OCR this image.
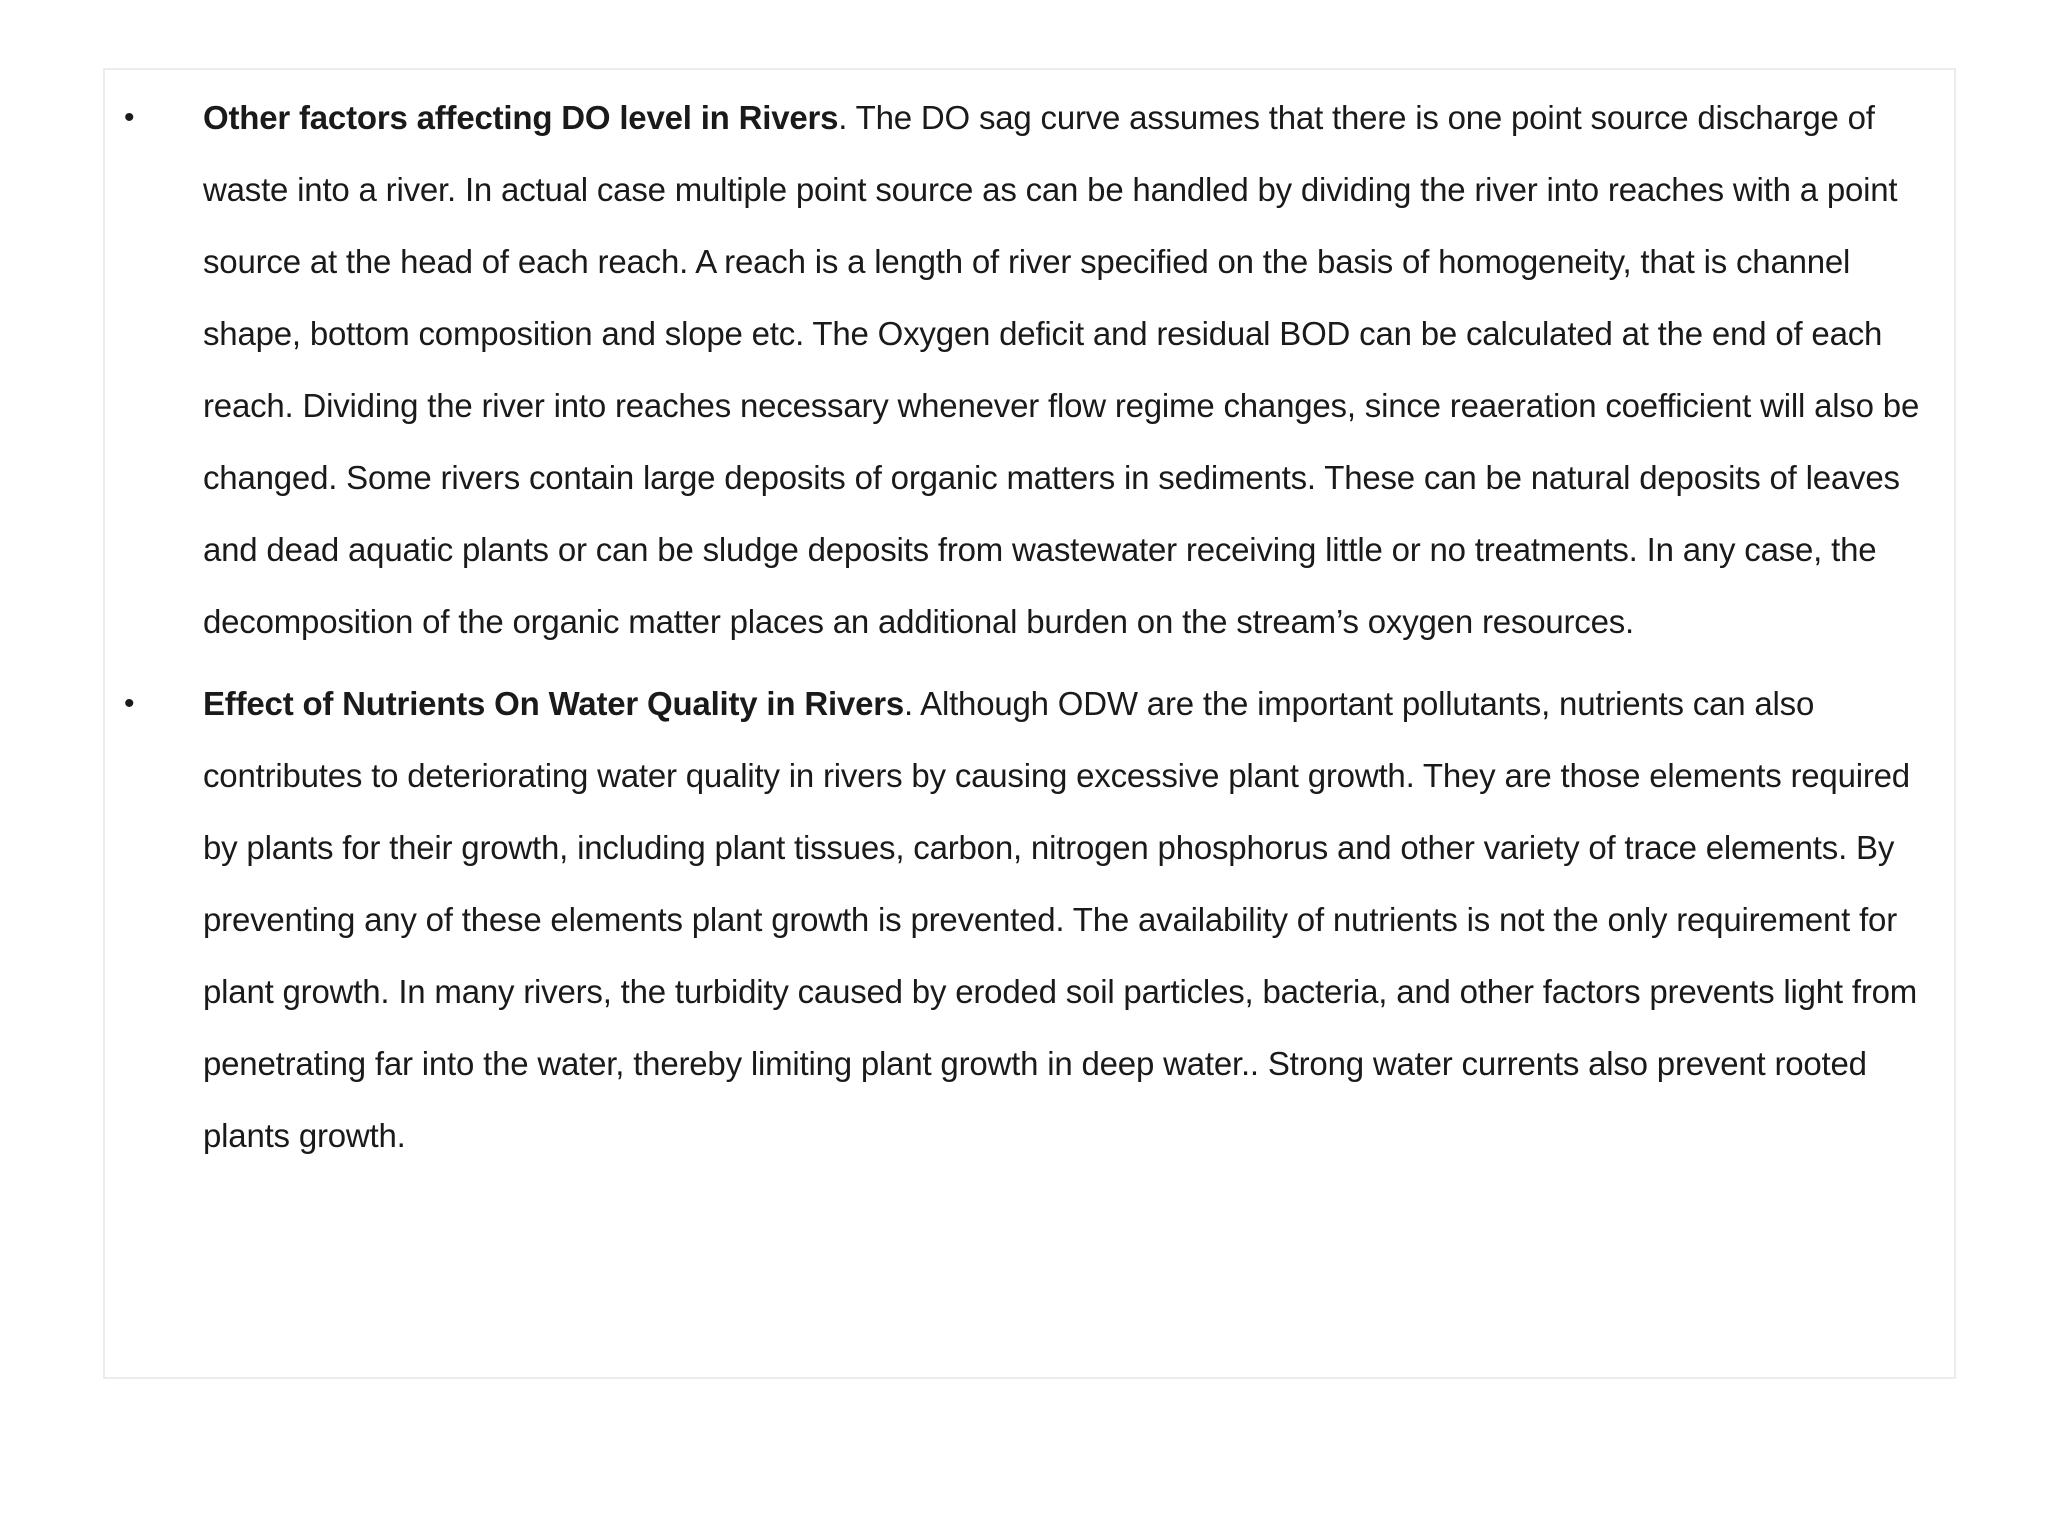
• Other factors affecting DO level in Rivers. The DO sag curve assumes that there is one point source discharge of waste into a river. In actual case multiple point source as can be handled by dividing the river into reaches with a point source at the head of each reach. A reach is a length of river specified on the basis of homogeneity, that is channel shape, bottom composition and slope etc. The Oxygen deficit and residual BOD can be calculated at the end of each reach. Dividing the river into reaches necessary whenever flow regime changes, since reaeration coefficient will also be changed. Some rivers contain large deposits of organic matters in sediments. These can be natural deposits of leaves and dead aquatic plants or can be sludge deposits from wastewater receiving little or no treatments. In any case, the decomposition of the organic matter places an additional burden on the stream’s oxygen resources.
• Effect of Nutrients On Water Quality in Rivers. Although ODW are the important pollutants, nutrients can also contributes to deteriorating water quality in rivers by causing excessive plant growth. They are those elements required by plants for their growth, including plant tissues, carbon, nitrogen phosphorus and other variety of trace elements. By preventing any of these elements plant growth is prevented. The availability of nutrients is not the only requirement for plant growth. In many rivers, the turbidity caused by eroded soil particles, bacteria, and other factors prevents light from penetrating far into the water, thereby limiting plant growth in deep water.. Strong water currents also prevent rooted plants growth.
